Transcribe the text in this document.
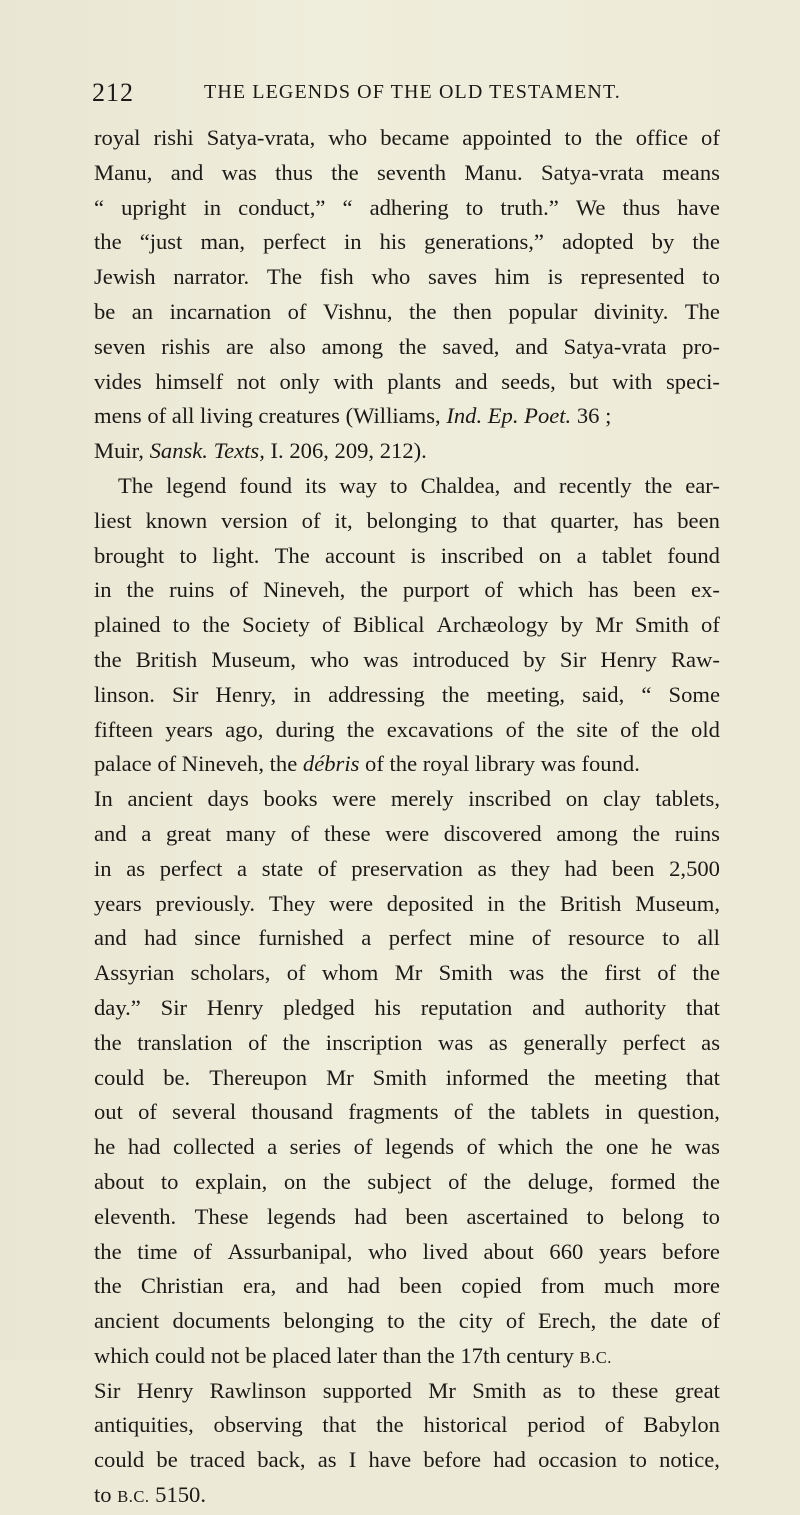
212	THE LEGENDS OF THE OLD TESTAMENT.
royal rishi Satya-vrata, who became appointed to the office of
Manu, and was thus the seventh Manu. Satya-vrata means
“ upright in conduct,” “ adhering to truth.” We thus have
the “just man, perfect in his generations,” adopted by the
Jewish narrator. The fish who saves him is represented to
be an incarnation of Vishnu, the then popular divinity. The
seven rishis are also among the saved, and Satya-vrata pro-
vides himself not only with plants and seeds, but with speci-
mens of all living creatures (Williams, Ind. Ep. Poet. 36 ;
Muir, Sansk. Texts, I. 206, 209, 212).
The legend found its way to Chaldea, and recently the ear-
liest known version of it, belonging to that quarter, has been
brought to light. The account is inscribed on a tablet found
in the ruins of Nineveh, the purport of which has been ex-
plained to the Society of Biblical Archæology by Mr Smith of
the British Museum, who was introduced by Sir Henry Raw-
linson. Sir Henry, in addressing the meeting, said, “ Some
fifteen years ago, during the excavations of the site of the old
palace of Nineveh, the débris of the royal library was found.
In ancient days books were merely inscribed on clay tablets,
and a great many of these were discovered among the ruins
in as perfect a state of preservation as they had been 2,500
years previously. They were deposited in the British Museum,
and had since furnished a perfect mine of resource to all
Assyrian scholars, of whom Mr Smith was the first of the
day.” Sir Henry pledged his reputation and authority that
the translation of the inscription was as generally perfect as
could be. Thereupon Mr Smith informed the meeting that
out of several thousand fragments of the tablets in question,
he had collected a series of legends of which the one he was
about to explain, on the subject of the deluge, formed the
eleventh. These legends had been ascertained to belong to
the time of Assurbanipal, who lived about 660 years before
the Christian era, and had been copied from much more
ancient documents belonging to the city of Erech, the date of
which could not be placed later than the 17th century B.C.
Sir Henry Rawlinson supported Mr Smith as to these great
antiquities, observing that the historical period of Babylon
could be traced back, as I have before had occasion to notice,
to B.C. 5150.
